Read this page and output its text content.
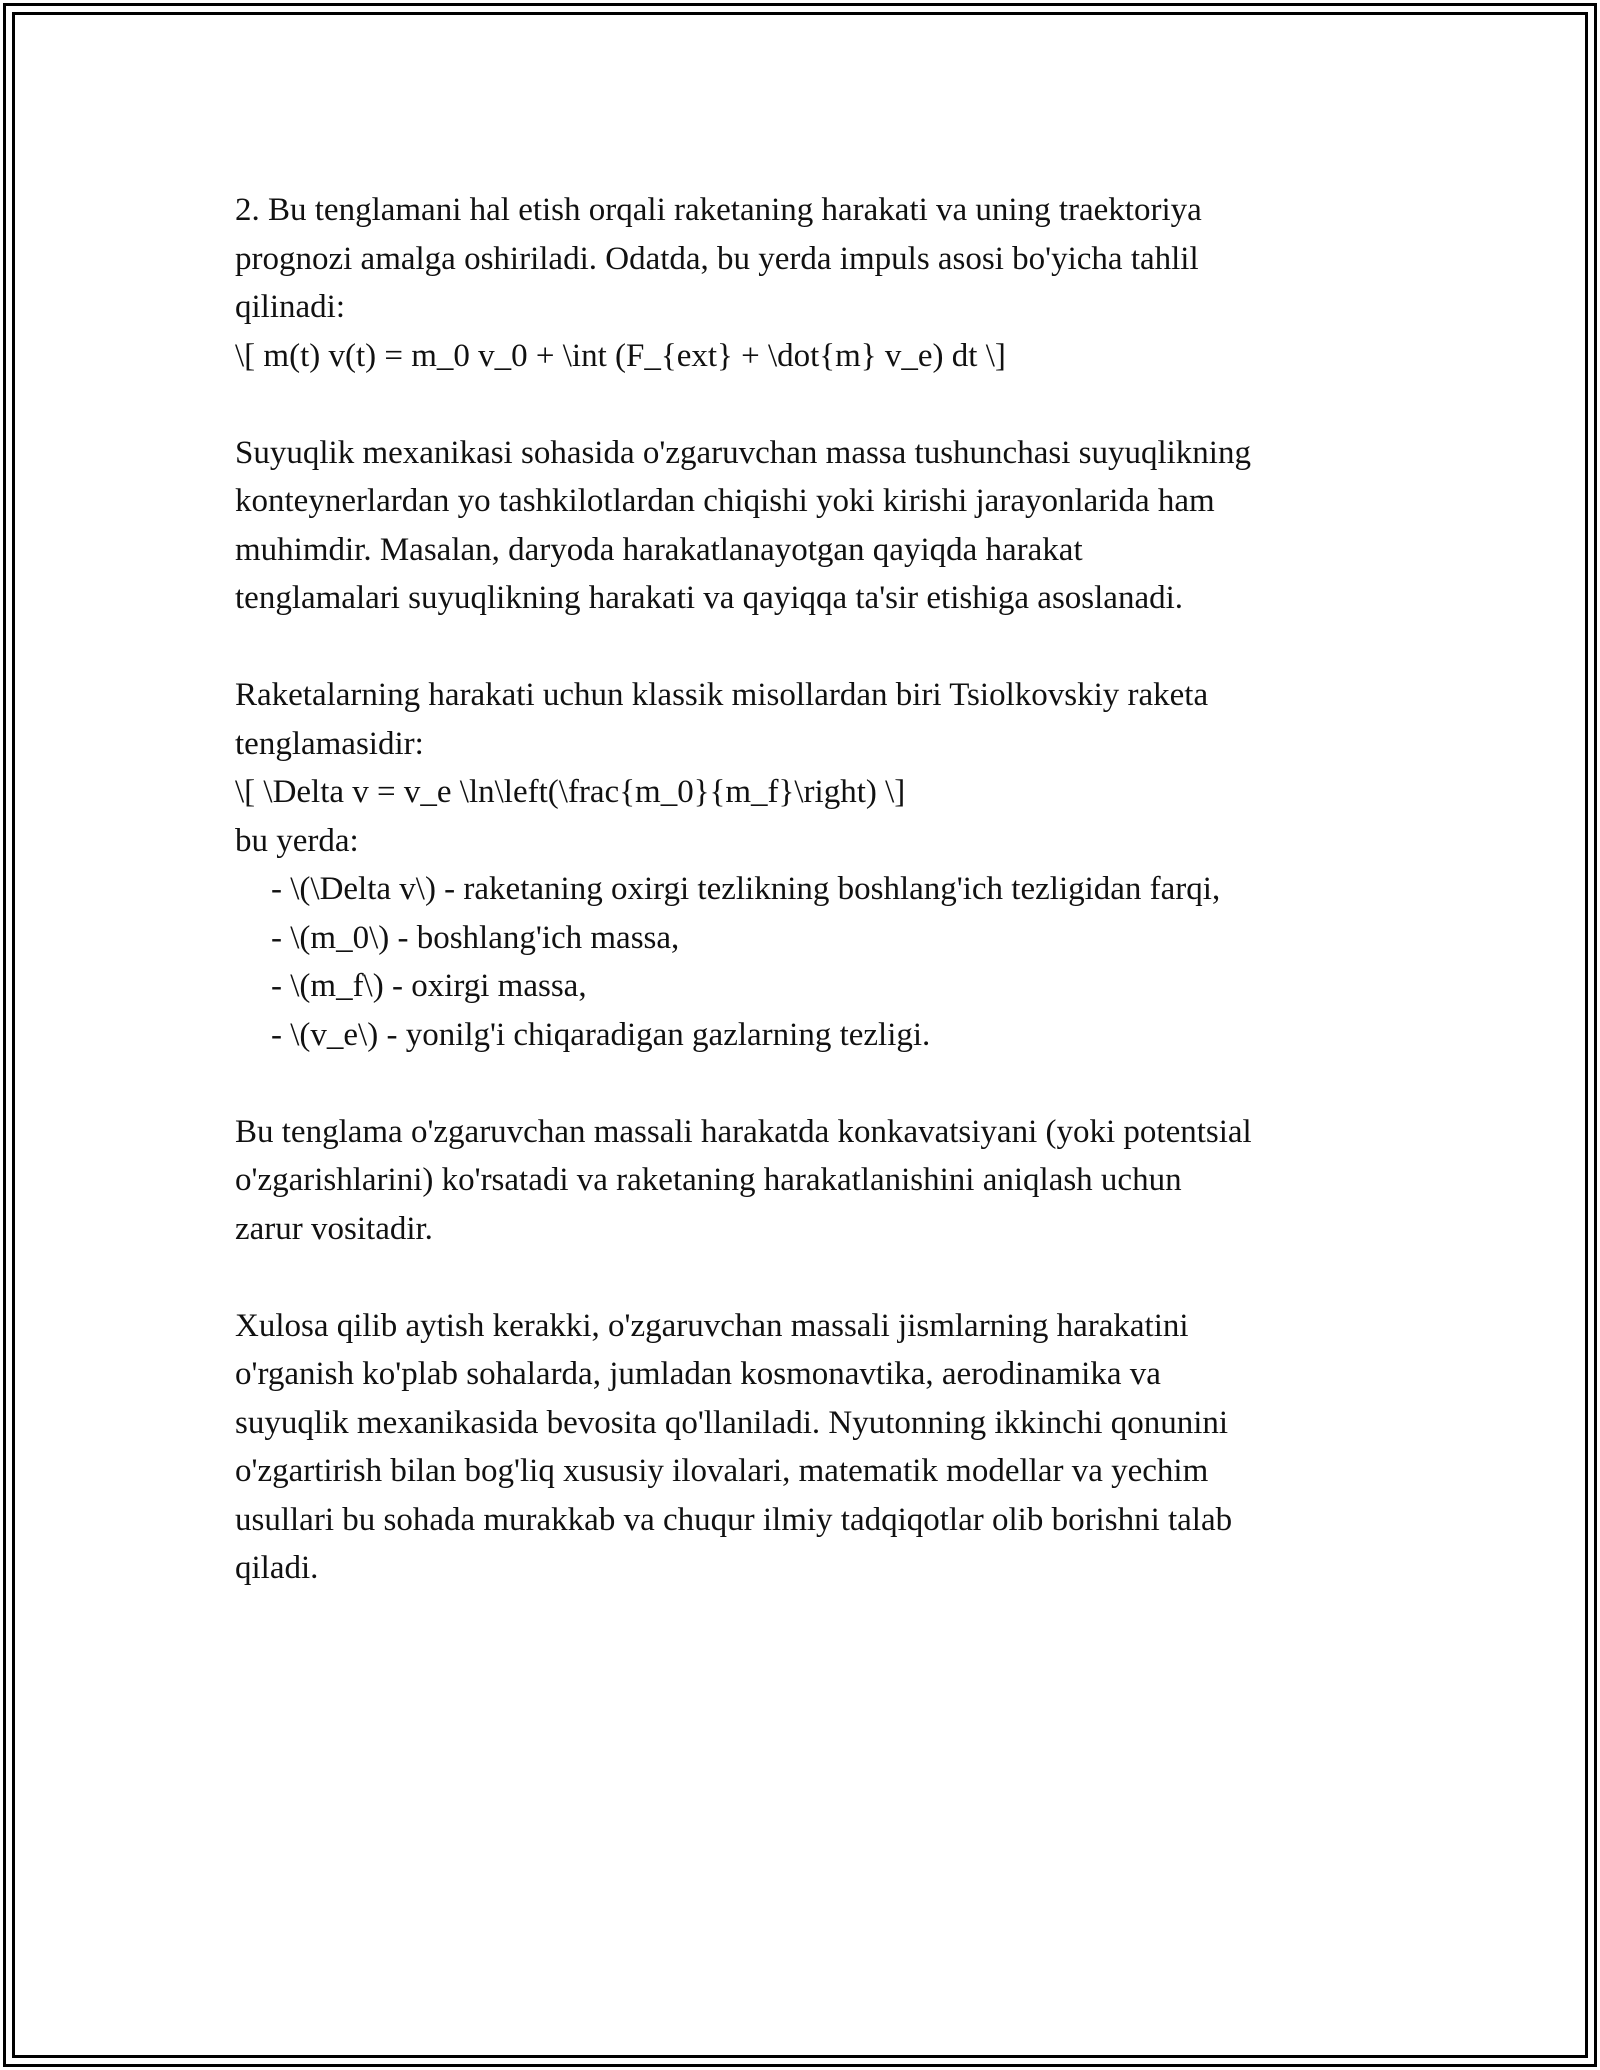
2. Bu tenglamani hal etish orqali raketaning harakati va uning traektoriya
prognozi amalga oshiriladi. Odatda, bu yerda impuls asosi bo'yicha tahlil
qilinadi:
\[ m(t) v(t) = m_0 v_0 + \int (F_{ext} + \dot{m} v_e) dt \]

Suyuqlik mexanikasi sohasida o'zgaruvchan massa tushunchasi suyuqlikning
konteynerlardan yo tashkilotlardan chiqishi yoki kirishi jarayonlarida ham
muhimdir. Masalan, daryoda harakatlanayotgan qayiqda harakat
tenglamalari suyuqlikning harakati va qayiqqa ta'sir etishiga asoslanadi.

Raketalarning harakati uchun klassik misollardan biri Tsiolkovskiy raketa
tenglamasidir:
\[ \Delta v = v_e \ln\left(\frac{m_0}{m_f}\right) \]
bu yerda:
- \(\Delta v\) - raketaning oxirgi tezlikning boshlang'ich tezligidan farqi,
- \(m_0\) - boshlang'ich massa,
- \(m_f\) - oxirgi massa,
- \(v_e\) - yonilg'i chiqaradigan gazlarning tezligi.

Bu tenglama o'zgaruvchan massali harakatda konkavatsiyani (yoki potentsial
o'zgarishlarini) ko'rsatadi va raketaning harakatlanishini aniqlash uchun
zarur vositadir.

Xulosa qilib aytish kerakki, o'zgaruvchan massali jismlarning harakatini
o'rganish ko'plab sohalarda, jumladan kosmonavtika, aerodinamika va
suyuqlik mexanikasida bevosita qo'llaniladi. Nyutonning ikkinchi qonunini
o'zgartirish bilan bog'liq xususiy ilovalari, matematik modellar va yechim
usullari bu sohada murakkab va chuqur ilmiy tadqiqotlar olib borishni talab
qiladi.
